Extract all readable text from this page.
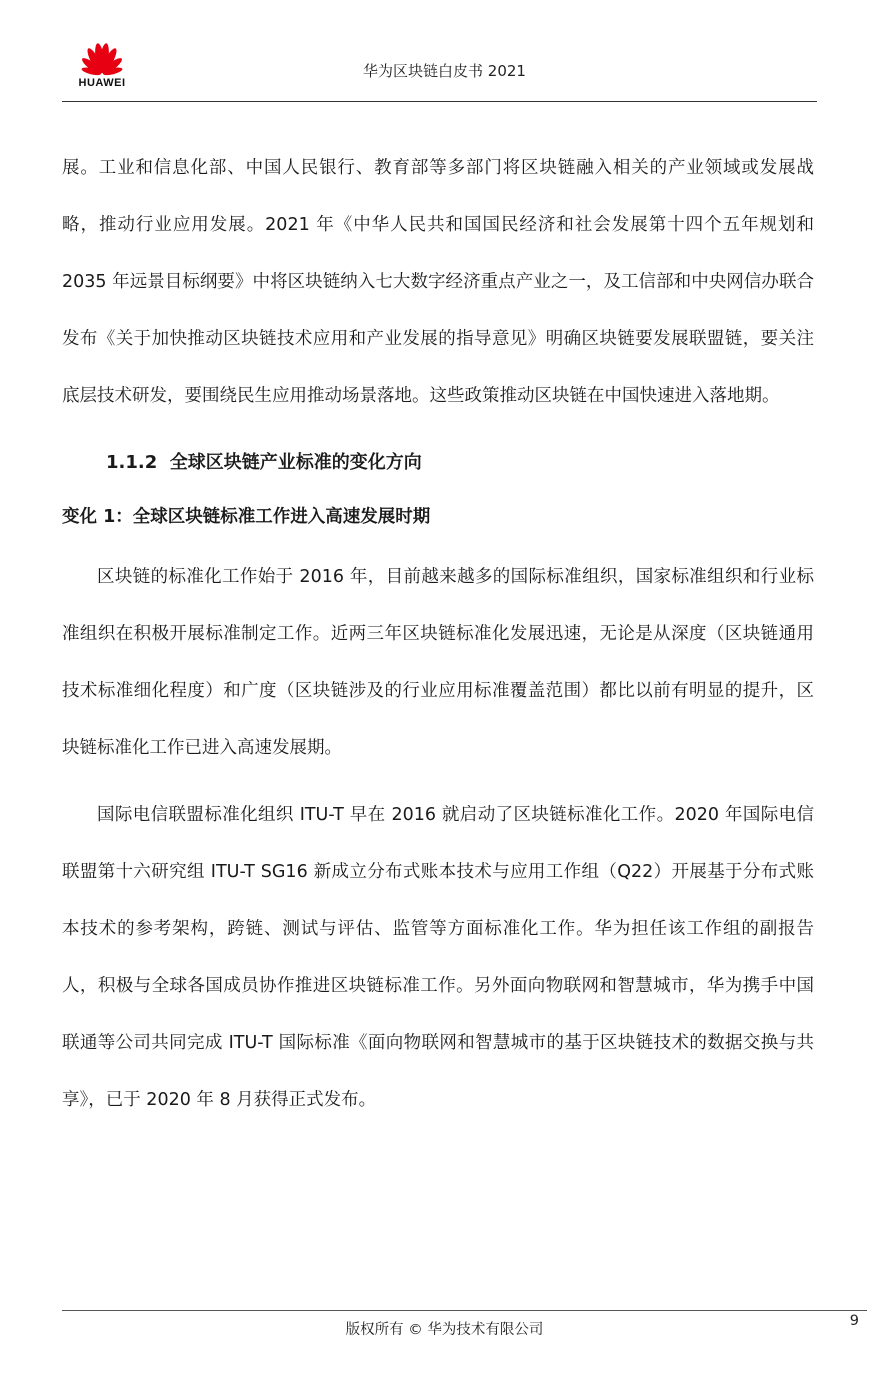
HUAWEI
华为区块链白皮书 2021

展。工业和信息化部、中国人民银行、教育部等多部门将区块链融入相关的产业领域或发展战略，推动行业应用发展。2021 年《中华人民共和国国民经济和社会发展第十四个五年规划和 2035 年远景目标纲要》中将区块链纳入七大数字经济重点产业之一，及工信部和中央网信办联合发布《关于加快推动区块链技术应用和产业发展的指导意见》明确区块链要发展联盟链，要关注底层技术研发，要围绕民生应用推动场景落地。这些政策推动区块链在中国快速进入落地期。

1.1.2 全球区块链产业标准的变化方向
变化 1：全球区块链标准工作进入高速发展时期

区块链的标准化工作始于 2016 年，目前越来越多的国际标准组织，国家标准组织和行业标准组织在积极开展标准制定工作。近两三年区块链标准化发展迅速，无论是从深度（区块链通用技术标准细化程度）和广度（区块链涉及的行业应用标准覆盖范围）都比以前有明显的提升，区块链标准化工作已进入高速发展期。

国际电信联盟标准化组织 ITU-T 早在 2016 就启动了区块链标准化工作。2020 年国际电信联盟第十六研究组 ITU-T SG16 新成立分布式账本技术与应用工作组（Q22）开展基于分布式账本技术的参考架构，跨链、测试与评估、监管等方面标准化工作。华为担任该工作组的副报告人，积极与全球各国成员协作推进区块链标准工作。另外面向物联网和智慧城市，华为携手中国联通等公司共同完成 ITU-T 国际标准《面向物联网和智慧城市的基于区块链技术的数据交换与共享》，已于 2020 年 8 月获得正式发布。

版权所有 © 华为技术有限公司
9
